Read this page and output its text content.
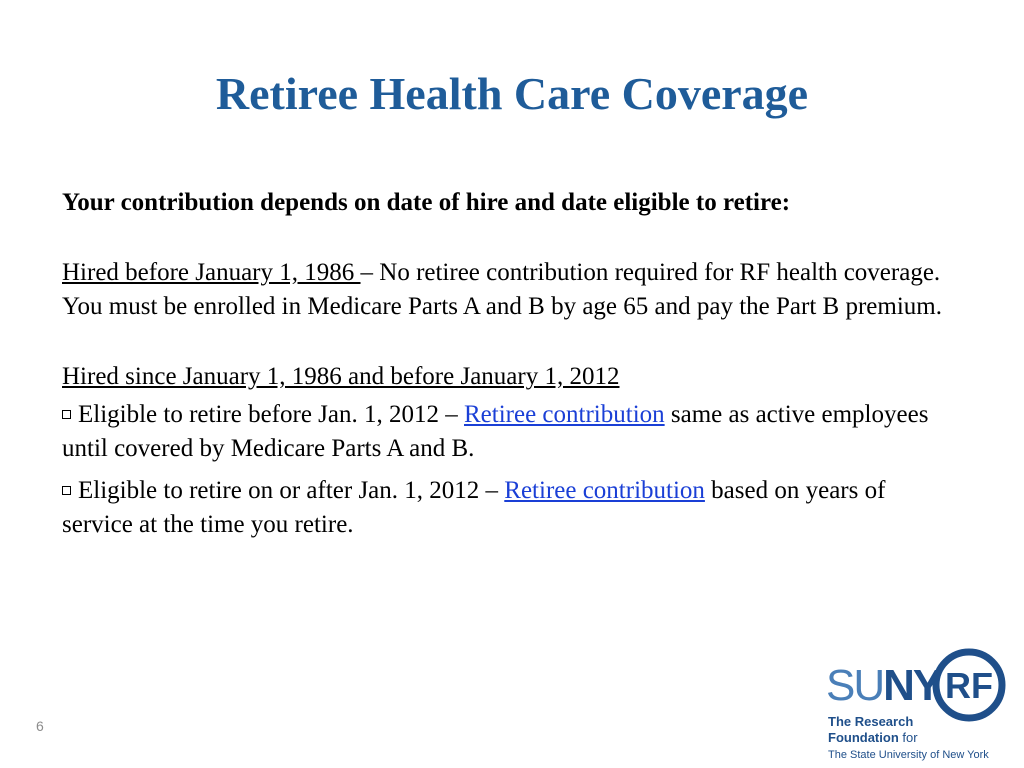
Retiree Health Care Coverage

Your contribution depends on date of hire and date eligible to retire:

Hired before January 1, 1986 – No retiree contribution required for RF health coverage. You must be enrolled in Medicare Parts A and B by age 65 and pay the Part B premium.

Hired since January 1, 1986 and before January 1, 2012

Eligible to retire before Jan. 1, 2012 – Retiree contribution same as active employees until covered by Medicare Parts A and B.

Eligible to retire on or after Jan. 1, 2012 – Retiree contribution based on years of service at the time you retire.

6
SUNY RF
The Research
Foundation for
The State University of New York
